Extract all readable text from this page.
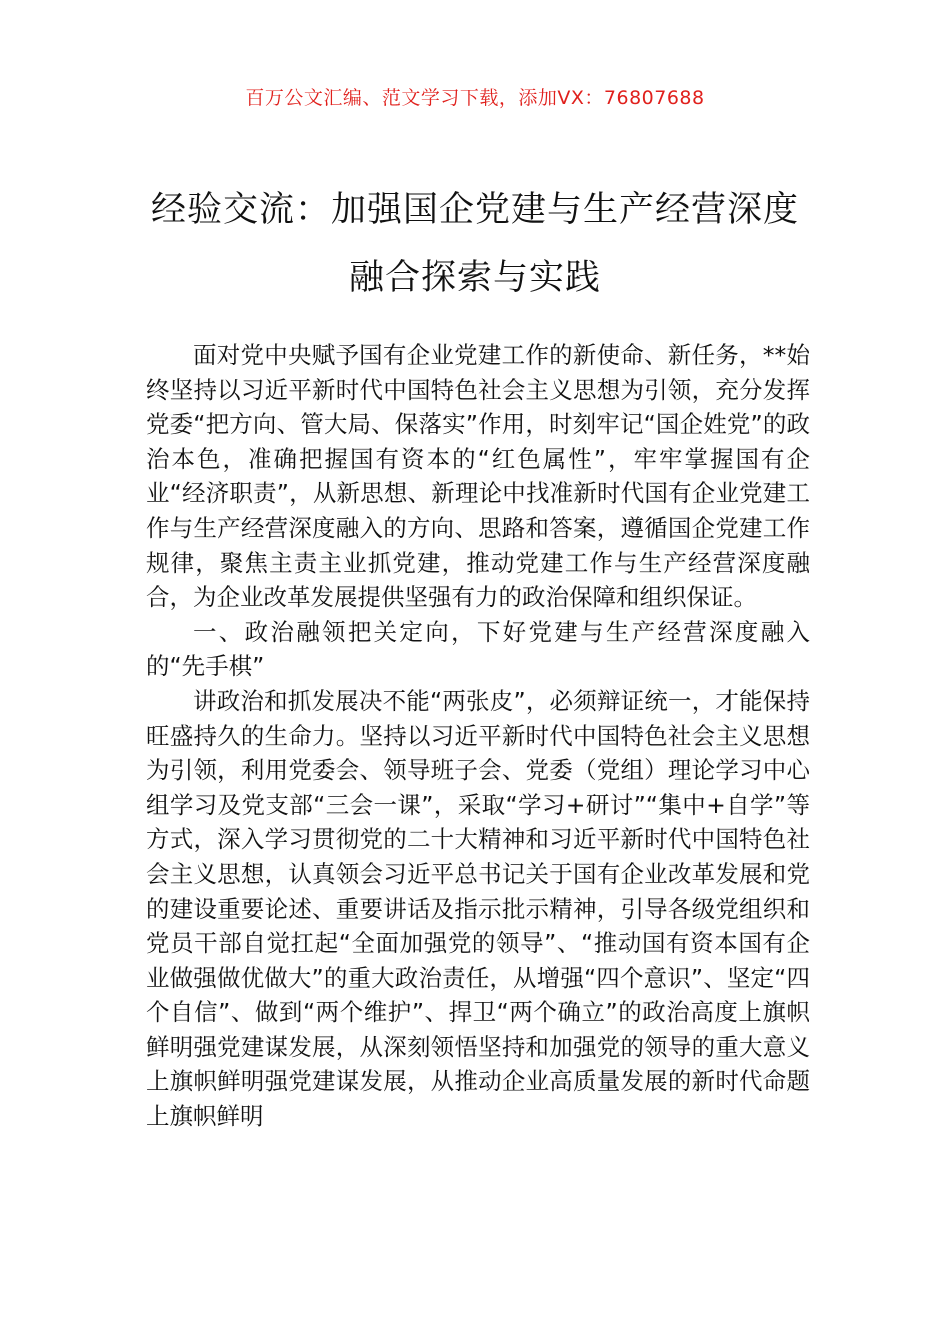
百万公文汇编、范文学习下载，添加VX：76807688
经验交流：加强国企党建与生产经营深度
融合探索与实践

面对党中央赋予国有企业党建工作的新使命、新任务，**始终坚持以习近平新时代中国特色社会主义思想为引领，充分发挥党委“把方向、管大局、保落实”作用，时刻牢记“国企姓党”的政治本色，准确把握国有资本的“红色属性”，牢牢掌握国有企业“经济职责”，从新思想、新理论中找准新时代国有企业党建工作与生产经营深度融入的方向、思路和答案，遵循国企党建工作规律，聚焦主责主业抓党建，推动党建工作与生产经营深度融合，为企业改革发展提供坚强有力的政治保障和组织保证。

一、政治融领把关定向，下好党建与生产经营深度融入的“先手棋”

讲政治和抓发展决不能“两张皮”，必须辩证统一，才能保持旺盛持久的生命力。坚持以习近平新时代中国特色社会主义思想为引领，利用党委会、领导班子会、党委（党组）理论学习中心组学习及党支部“三会一课”，采取“学习+研讨”“集中+自学”等方式，深入学习贯彻党的二十大精神和习近平新时代中国特色社会主义思想，认真领会习近平总书记关于国有企业改革发展和党的建设重要论述、重要讲话及指示批示精神，引导各级党组织和党员干部自觉扛起“全面加强党的领导”、“推动国有资本国有企业做强做优做大”的重大政治责任，从增强“四个意识”、坚定“四个自信”、做到“两个维护”、捍卫“两个确立”的政治高度上旗帜鲜明强党建谋发展，从深刻领悟坚持和加强党的领导的重大意义上旗帜鲜明强党建谋发展，从推动企业高质量发展的新时代命题上旗帜鲜明
